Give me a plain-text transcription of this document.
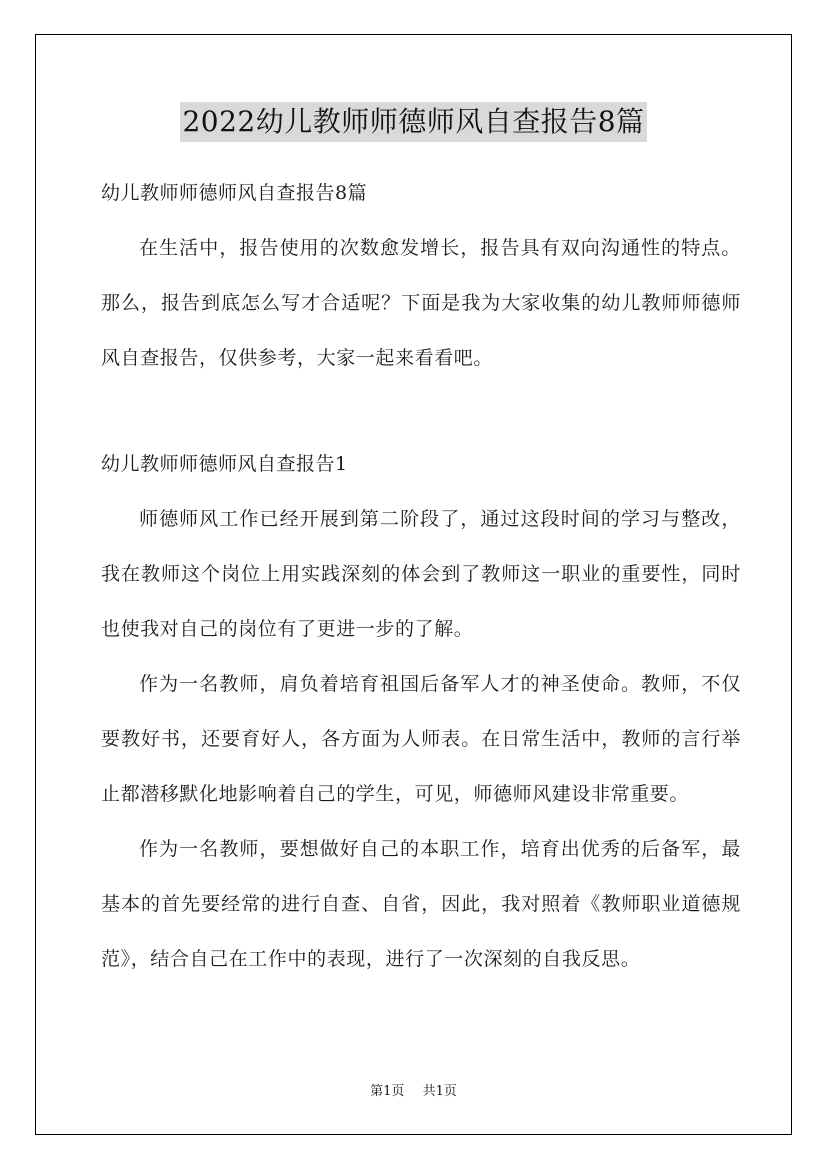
2022幼儿教师师德师风自查报告8篇

幼儿教师师德师风自查报告8篇

在生活中，报告使用的次数愈发增长，报告具有双向沟通性的特点。那么，报告到底怎么写才合适呢？下面是我为大家收集的幼儿教师师德师风自查报告，仅供参考，大家一起来看看吧。

幼儿教师师德师风自查报告1

师德师风工作已经开展到第二阶段了，通过这段时间的学习与整改，我在教师这个岗位上用实践深刻的体会到了教师这一职业的重要性，同时也使我对自己的岗位有了更进一步的了解。

作为一名教师，肩负着培育祖国后备军人才的神圣使命。教师，不仅要教好书，还要育好人，各方面为人师表。在日常生活中，教师的言行举止都潜移默化地影响着自己的学生，可见，师德师风建设非常重要。

作为一名教师，要想做好自己的本职工作，培育出优秀的后备军，最基本的首先要经常的进行自查、自省，因此，我对照着《教师职业道德规范》，结合自己在工作中的表现，进行了一次深刻的自我反思。

第1页 共1页
